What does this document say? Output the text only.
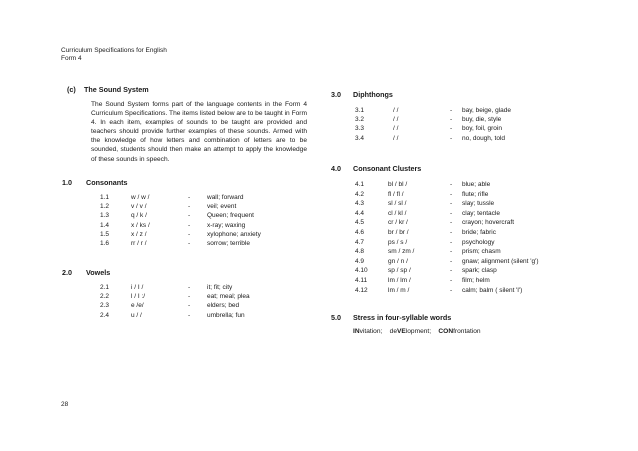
Curriculum Specifications for English
Form 4
(c) The Sound System
The Sound System forms part of the language contents in the Form 4 Curriculum Specifications. The items listed below are to be taught in Form 4. In each item, examples of sounds to be taught are provided and teachers should provide further examples of these sounds. Armed with the knowledge of how letters and combination of letters are to be sounded, students should then make an attempt to apply the knowledge of these sounds in speech.
1.0 Consonants
1.1	w / w /	-	wall; forward
1.2	v / v /	-	veil; event
1.3	q / k /	-	Queen; frequent
1.4	x / ks /	-	x-ray; waxing
1.5	x / z /	-	xylophone; anxiety
1.6	rr / r /	-	sorrow; terrible
2.0 Vowels
2.1	i / I /	-	it; fit; city
2.2	l / I :/	-	eat; meal; plea
2.3	e /e/	-	elders; bed
2.4	u / /	-	umbrella; fun
28
3.0 Diphthongs
3.1	/ /	- bay, beige, glade
3.2	/ /	- buy, die, style
3.3	/ /	- boy, foil, groin
3.4	/ /	- no, dough, told
4.0 Consonant Clusters
4.1	bl / bl /	- blue; able
4.2	fl / fl /	- flute; rifle
4.3	sl / sl /	- slay; tussle
4.4	cl / kl /	- clay; tentacle
4.5	cr / kr /	- crayon; hovercraft
4.6	br / br /	- bride; fabric
4.7	ps / s /	- psychology
4.8	sm / zm /	- prism; chasm
4.9	gn / n /	- gnaw; alignment (silent 'g')
4.10	sp / sp /	- spark; clasp
4.11	lm / lm /	- film; helm
4.12	lm / m /	- calm; balm ( silent 'l')
5.0 Stress in four-syllable words
INvitation; deVElopment; CONfrontation
